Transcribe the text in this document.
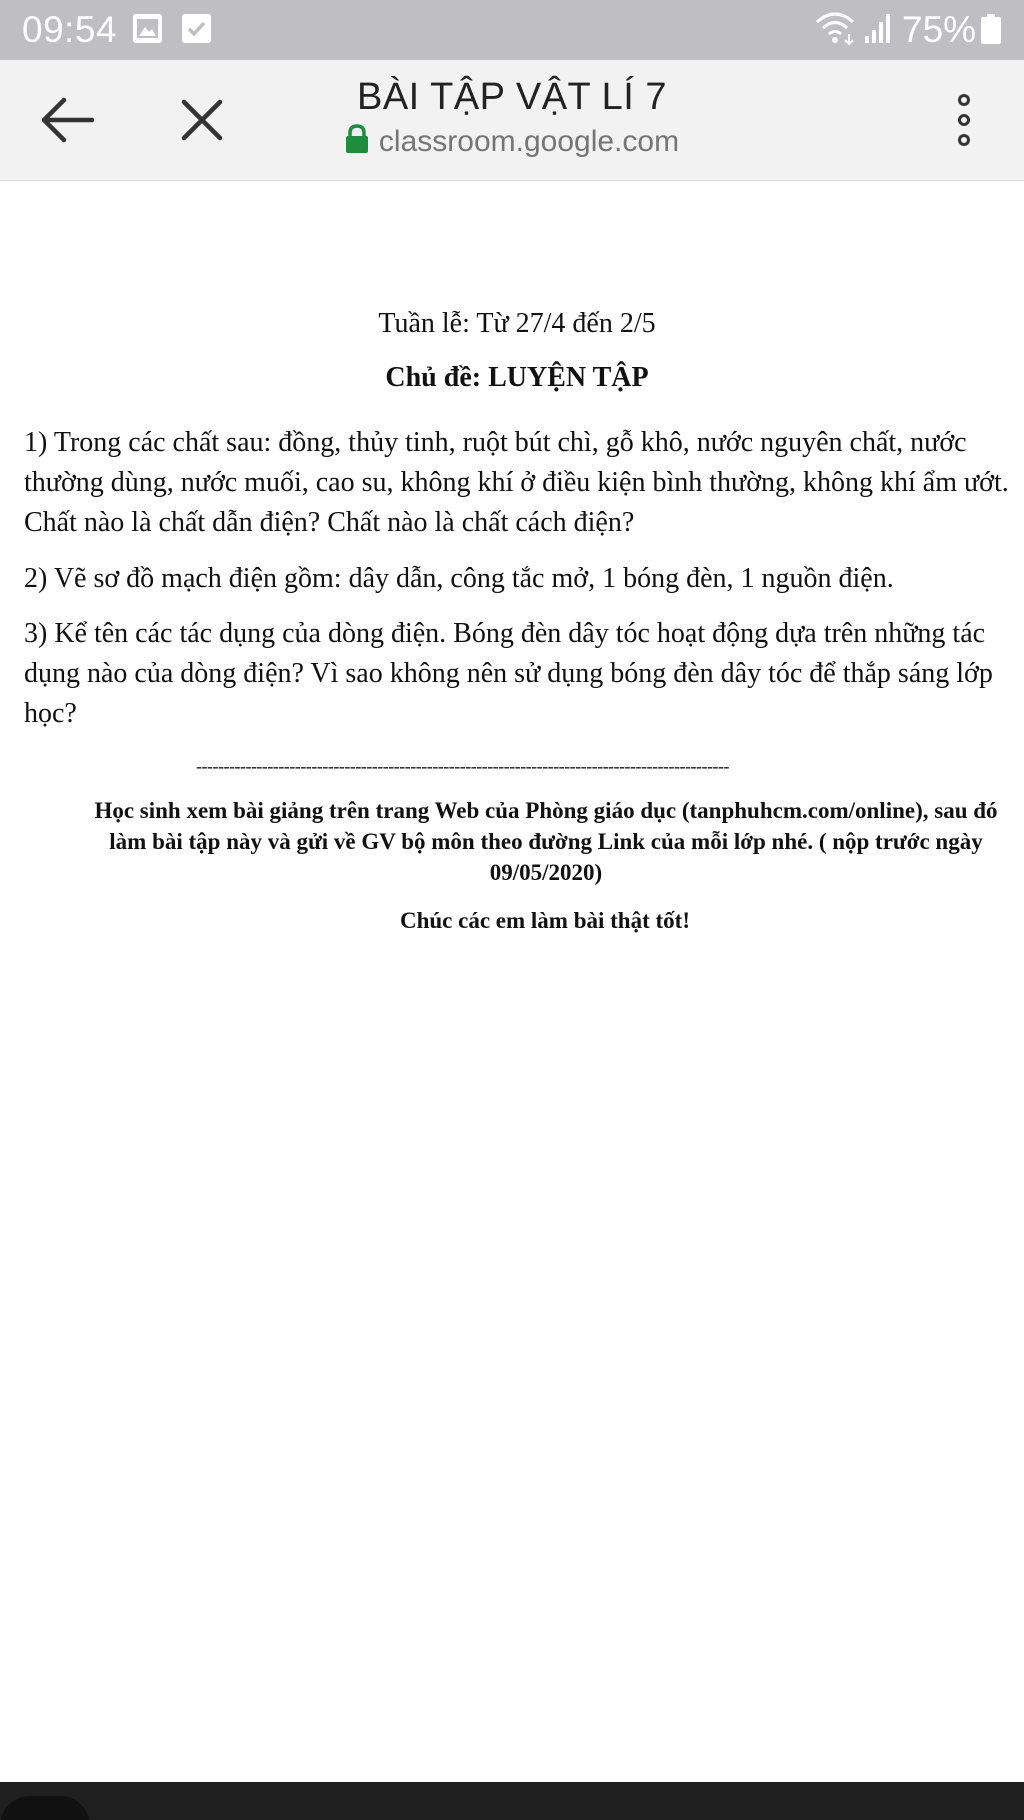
09:54	75%
BÀI TẬP VẬT LÍ 7
classroom.google.com
Tuần lễ: Từ 27/4 đến 2/5
Chủ đề: LUYỆN TẬP

1) Trong các chất sau: đồng, thủy tinh, ruột bút chì, gỗ khô, nước nguyên chất, nước thường dùng, nước muối, cao su, không khí ở điều kiện bình thường, không khí ẩm ướt. Chất nào là chất dẫn điện? Chất nào là chất cách điện?

2) Vẽ sơ đồ mạch điện gồm: dây dẫn, công tắc mở, 1 bóng đèn, 1 nguồn điện.

3) Kể tên các tác dụng của dòng điện. Bóng đèn dây tóc hoạt động dựa trên những tác dụng nào của dòng điện? Vì sao không nên sử dụng bóng đèn dây tóc để thắp sáng lớp học?

-------------------------------------------------------------------------------------------------
Học sinh xem bài giảng trên trang Web của Phòng giáo dục (tanphuhcm.com/online), sau đó làm bài tập này và gửi về GV bộ môn theo đường Link của mỗi lớp nhé. ( nộp trước ngày 09/05/2020)
Chúc các em làm bài thật tốt!
